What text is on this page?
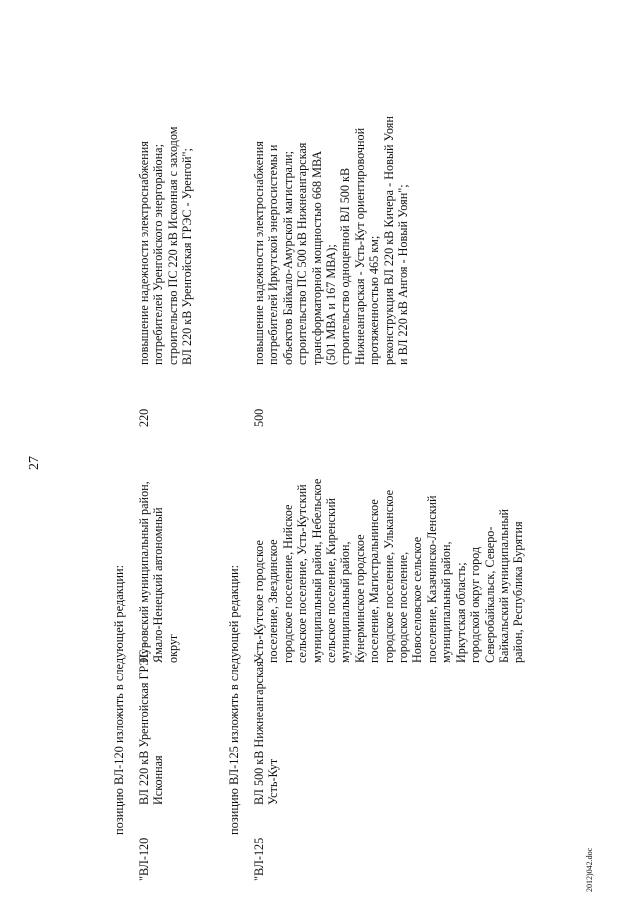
27
2012)042.doc
позицию ВЛ-120 изложить в следующей редакции:
"ВЛ-120
ВЛ 220 кВ Уренгойская ГРЭС - Исконная
Пуровский муниципальный район, Ямало-Ненецкий автономный округ
220
повышение надежности электроснабжения потребителей Уренгойского энергорайона; строительство ПС 220 кВ Исконная с заходом ВЛ 220 кВ Уренгойская ГРЭС - Уренгой";
позицию ВЛ-125 изложить в следующей редакции:
"ВЛ-125
ВЛ 500 кВ Нижнеангарская - Усть-Кут
Усть-Кутское городское поселение, Звездинское городское поселение, Нийское сельское поселение, Усть-Кутский муниципальный район, Небельское сельское поселение, Киренский муниципальный район, Кунерминское городское поселение, Магистральнинское городское поселение, Ульканское городское поселение, Новоселовское сельское поселение, Казачинско-Ленский муниципальный район, Иркутская область; городской округ город Северобайкальск, Северо- Байкальский муниципальный район, Республика Бурятия
500
повышение надежности электроснабжения потребителей Иркутской энергосистемы и объектов Байкало-Амурской магистрали; строительство ПС 500 кВ Нижнеангарская трансформаторной мощностью 668 МВА (501 МВА и 167 МВА); строительство одноцепной ВЛ 500 кВ Нижнеангарская - Усть-Кут ориентировочной протяженностью 465 км; реконструкция ВЛ 220 кВ Кичера - Новый Уоян и ВЛ 220 кВ Ангоя - Новый Уоян";
